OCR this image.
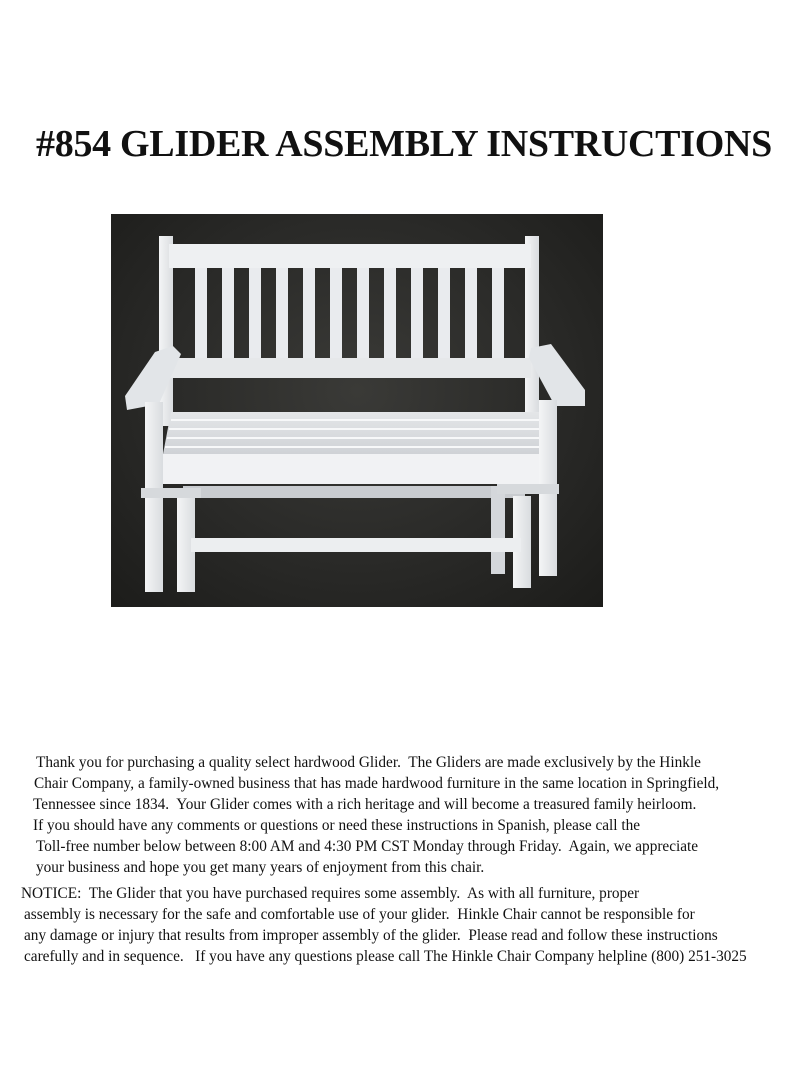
#854 GLIDER ASSEMBLY INSTRUCTIONS
Thank you for purchasing a quality select hardwood Glider.  The Gliders are made exclusively by the Hinkle
Chair Company, a family-owned business that has made hardwood furniture in the same location in Springfield,
Tennessee since 1834.  Your Glider comes with a rich heritage and will become a treasured family heirloom.
If you should have any comments or questions or need these instructions in Spanish, please call the
Toll-free number below between 8:00 AM and 4:30 PM CST Monday through Friday.  Again, we appreciate
your business and hope you get many years of enjoyment from this chair.
NOTICE:  The Glider that you have purchased requires some assembly.  As with all furniture, proper
assembly is necessary for the safe and comfortable use of your glider.  Hinkle Chair cannot be responsible for
any damage or injury that results from improper assembly of the glider.  Please read and follow these instructions
carefully and in sequence.   If you have any questions please call The Hinkle Chair Company helpline (800) 251-3025
